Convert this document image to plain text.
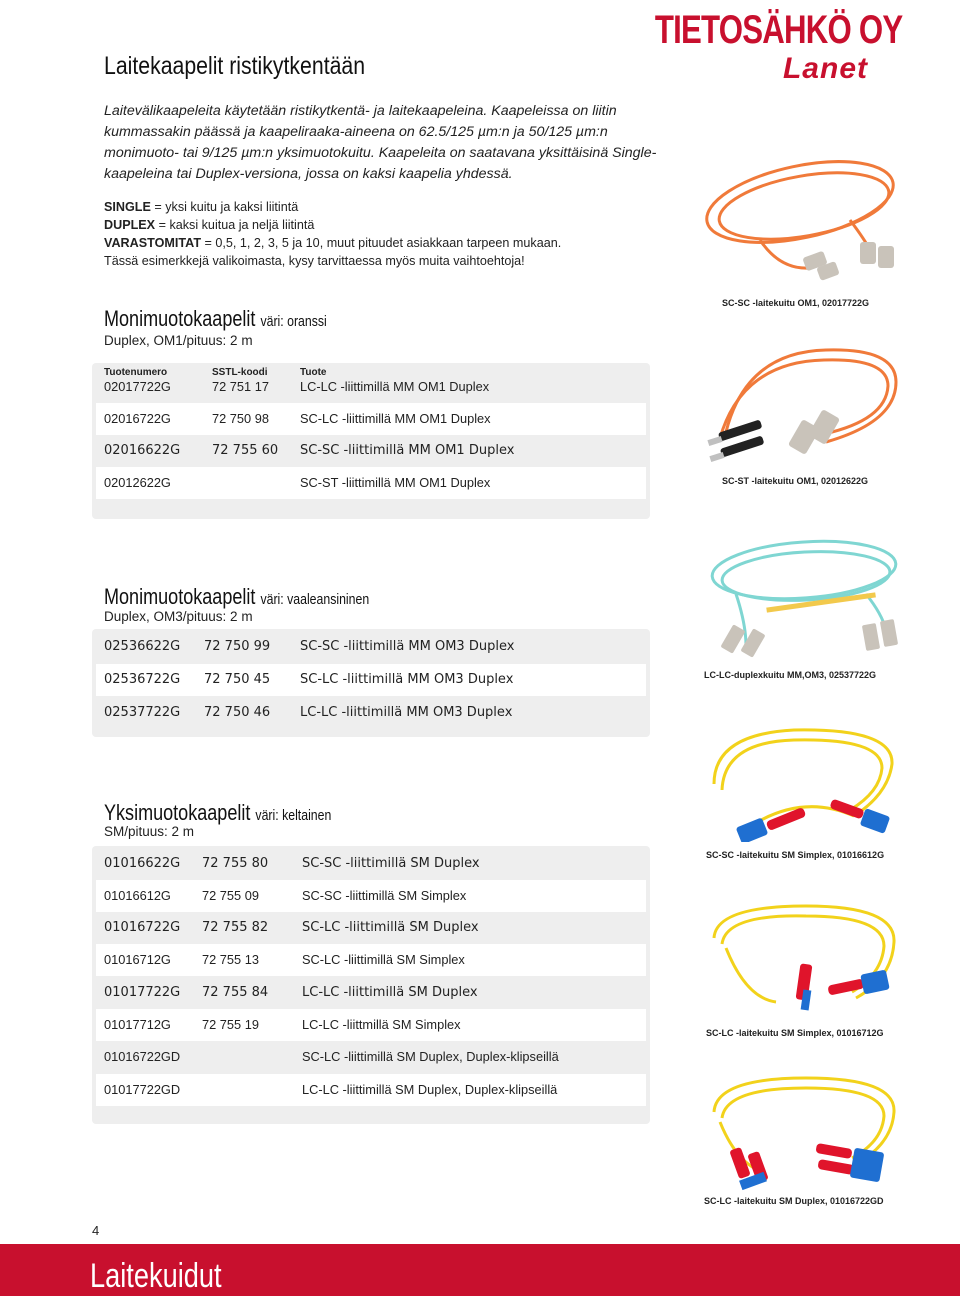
TIETOSÄHKÖ OY
Lanet
Laitekaapelit ristikytkentään
Laitevälikaapeleita käytetään ristikytkentä- ja laitekaapeleina. Kaapeleissa on liitin kummassakin päässä ja kaapeliraaka-aineena on 62.5/125 µm:n ja 50/125 µm:n monimuoto- tai 9/125 µm:n yksimuotokuitu. Kaapeleita on saatavana yksittäisinä Single-kaapeleina tai Duplex-versiona, jossa on kaksi kaapelia yhdessä.
SINGLE = yksi kuitu ja kaksi liitintä
DUPLEX = kaksi kuitua ja neljä liitintä
VARASTOMITAT = 0,5, 1, 2, 3, 5 ja 10, muut pituudet asiakkaan tarpeen mukaan.
Tässä esimerkkejä valikoimasta, kysy tarvittaessa myös muita vaihtoehtoja!
Monimuotokaapelit väri: oranssi
Duplex, OM1/pituus: 2 m
Tuotenumero	SSTL-koodi	Tuote
02017722G	72 751 17 LC-LC -liittimillä MM OM1 Duplex
02016722G	72 750 98 SC-LC -liittimillä MM OM1 Duplex
02016622G 72 755 60 SC-SC -liittimillä MM OM1 Duplex
02012622G	SC-ST -liittimillä MM OM1 Duplex
Monimuotokaapelit väri: vaaleansininen
Duplex, OM3/pituus: 2 m
02536622G 72 750 99 SC-SC -liittimillä MM OM3 Duplex
02536722G 72 750 45 SC-LC -liittimillä MM OM3 Duplex
02537722G 72 750 46 LC-LC -liittimillä MM OM3 Duplex
Yksimuotokaapelit väri: keltainen
SM/pituus: 2 m
01016622G 72 755 80	SC-SC -liittimillä SM Duplex
01016612G 72 755 09	SC-SC -liittimillä SM Simplex
01016722G 72 755 82	SC-LC -liittimillä SM Duplex
01016712G 72 755 13	SC-LC -liittimillä SM Simplex
01017722G 72 755 84	LC-LC -liittimillä SM Duplex
01017712G 72 755 19	LC-LC -liittmillä SM Simplex
01016722GD	SC-LC -liittimillä SM Duplex, Duplex-klipseillä
01017722GD	LC-LC -liittimillä SM Duplex, Duplex-klipseillä
SC-SC -laitekuitu OM1, 02017722G
SC-ST -laitekuitu OM1, 02012622G
LC-LC-duplexkuitu MM,OM3, 02537722G
SC-SC -laitekuitu SM Simplex, 01016612G
SC-LC -laitekuitu SM Simplex, 01016712G
SC-LC -laitekuitu SM Duplex, 01016722GD
4
Laitekuidut
